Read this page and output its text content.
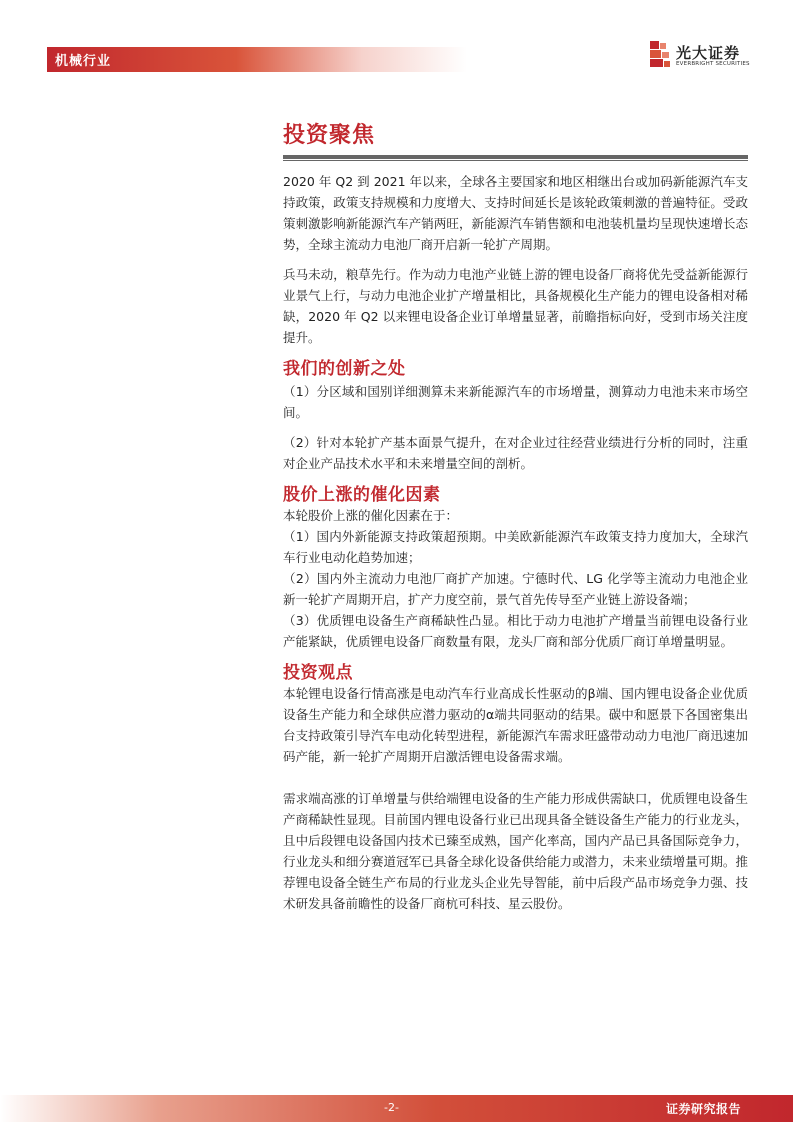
机械行业	光大证券
EVERBRIGHT SECURITIES
投资聚焦

2020 年 Q2 到 2021 年以来，全球各主要国家和地区相继出台或加码新能源汽车支持政策，政策支持规模和力度增大、支持时间延长是该轮政策刺激的普遍特征。受政策刺激影响新能源汽车产销两旺，新能源汽车销售额和电池装机量均呈现快速增长态势，全球主流动力电池厂商开启新一轮扩产周期。

兵马未动，粮草先行。作为动力电池产业链上游的锂电设备厂商将优先受益新能源行业景气上行，与动力电池企业扩产增量相比，具备规模化生产能力的锂电设备相对稀缺，2020 年 Q2 以来锂电设备企业订单增量显著，前瞻指标向好，受到市场关注度提升。

我们的创新之处

（1）分区域和国别详细测算未来新能源汽车的市场增量，测算动力电池未来市场空间。

（2）针对本轮扩产基本面景气提升，在对企业过往经营业绩进行分析的同时，注重对企业产品技术水平和未来增量空间的剖析。

股价上涨的催化因素

本轮股价上涨的催化因素在于：

（1）国内外新能源支持政策超预期。中美欧新能源汽车政策支持力度加大，全球汽车行业电动化趋势加速；

（2）国内外主流动力电池厂商扩产加速。宁德时代、LG 化学等主流动力电池企业新一轮扩产周期开启，扩产力度空前，景气首先传导至产业链上游设备端；

（3）优质锂电设备生产商稀缺性凸显。相比于动力电池扩产增量当前锂电设备行业产能紧缺，优质锂电设备厂商数量有限，龙头厂商和部分优质厂商订单增量明显。

投资观点

本轮锂电设备行情高涨是电动汽车行业高成长性驱动的β端、国内锂电设备企业优质设备生产能力和全球供应潜力驱动的α端共同驱动的结果。碳中和愿景下各国密集出台支持政策引导汽车电动化转型进程，新能源汽车需求旺盛带动动力电池厂商迅速加码产能，新一轮扩产周期开启激活锂电设备需求端。

需求端高涨的订单增量与供给端锂电设备的生产能力形成供需缺口，优质锂电设备生产商稀缺性显现。目前国内锂电设备行业已出现具备全链设备生产能力的行业龙头，且中后段锂电设备国内技术已臻至成熟，国产化率高，国内产品已具备国际竞争力，行业龙头和细分赛道冠军已具备全球化设备供给能力或潜力，未来业绩增量可期。推荐锂电设备全链生产布局的行业龙头企业先导智能，前中后段产品市场竞争力强、技术研发具备前瞻性的设备厂商杭可科技、星云股份。

-2-	证券研究报告
